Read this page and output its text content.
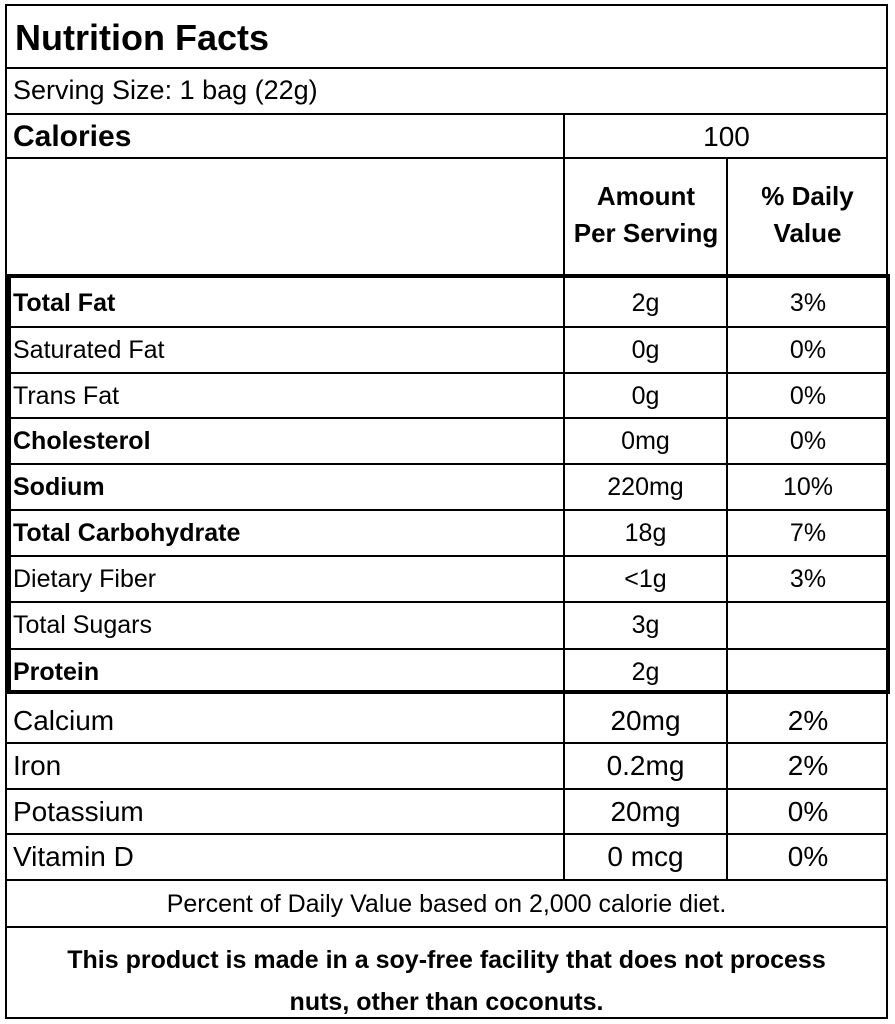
Nutrition Facts
Serving Size: 1 bag (22g)
Calories	100
Amount
Per Serving
% Daily
Value
Total Fat	2g	3%
Saturated Fat	0g	0%
Trans Fat	0g	0%
Cholesterol	0mg	0%
Sodium	220mg	10%
Total Carbohydrate	18g	7%
Dietary Fiber	<1g	3%
Total Sugars	3g
Protein	2g
Calcium	20mg	2%
Iron	0.2mg	2%
Potassium	20mg	0%
Vitamin D	0 mcg	0%
Percent of Daily Value based on 2,000 calorie diet.
This product is made in a soy-free facility that does not process
nuts, other than coconuts.
